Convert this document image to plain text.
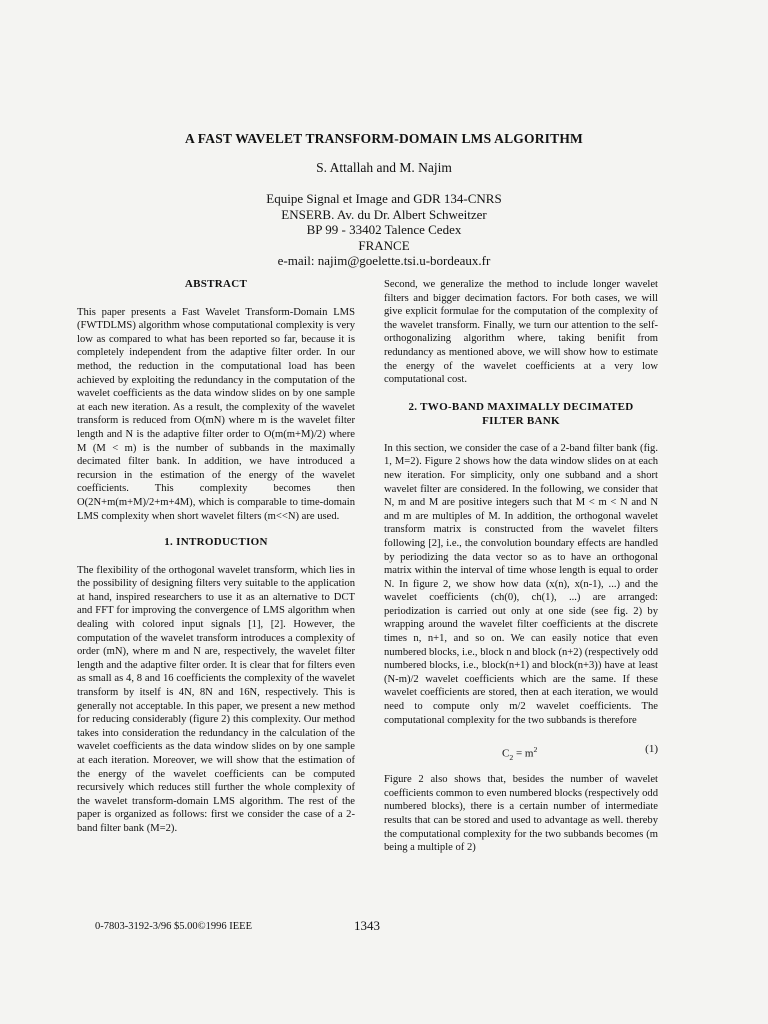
A FAST WAVELET TRANSFORM-DOMAIN LMS ALGORITHM
S. Attallah and M. Najim
Equipe Signal et Image and GDR 134-CNRS
ENSERB. Av. du Dr. Albert Schweitzer
BP 99 - 33402 Talence Cedex
FRANCE
e-mail: najim@goelette.tsi.u-bordeaux.fr
ABSTRACT

This paper presents a Fast Wavelet Transform-Domain LMS (FWTDLMS) algorithm whose computational complexity is very low as compared to what has been reported so far, because it is completely independent from the adaptive filter order. In our method, the reduction in the computational load has been achieved by exploiting the redundancy in the computation of the wavelet coefficients as the data window slides on by one sample at each new iteration. As a result, the complexity of the wavelet transform is reduced from O(mN) where m is the wavelet filter length and N is the adaptive filter order to O(m(m+M)/2) where M (M < m) is the number of subbands in the maximally decimated filter bank. In addition, we have introduced a recursion in the estimation of the energy of the wavelet coefficients. This complexity becomes then O(2N+m(m+M)/2+m+4M), which is comparable to time-domain LMS complexity when short wavelet filters (m<<N) are used.

1. INTRODUCTION

The flexibility of the orthogonal wavelet transform, which lies in the possibility of designing filters very suitable to the application at hand, inspired researchers to use it as an alternative to DCT and FFT for improving the convergence of LMS algorithm when dealing with colored input signals [1], [2]. However, the computation of the wavelet transform introduces a complexity of order (mN), where m and N are, respectively, the wavelet filter length and the adaptive filter order. It is clear that for filters even as small as 4, 8 and 16 coefficients the complexity of the wavelet transform by itself is 4N, 8N and 16N, respectively. This is generally not acceptable. In this paper, we present a new method for reducing considerably (figure 2) this complexity. Our method takes into consideration the redundancy in the calculation of the wavelet coefficients as the data window slides on by one sample at each iteration. Moreover, we will show that the estimation of the energy of the wavelet coefficients can be computed recursively which reduces still further the whole complexity of the wavelet transform-domain LMS algorithm. The rest of the paper is organized as follows: first we consider the case of a 2-band filter bank (M=2).

Second, we generalize the method to include longer wavelet filters and bigger decimation factors. For both cases, we will give explicit formulae for the computation of the complexity of the wavelet transform. Finally, we turn our attention to the self-orthogonalizing algorithm where, taking benifit from redundancy as mentioned above, we will show how to estimate the energy of the wavelet coefficients at a very low computational cost.

2. TWO-BAND MAXIMALLY DECIMATED
FILTER BANK

In this section, we consider the case of a 2-band filter bank (fig. 1, M=2). Figure 2 shows how the data window slides on at each new iteration. For simplicity, only one subband and a short wavelet filter are considered. In the following, we consider that N, m and M are positive integers such that M < m < N and N and m are multiples of M. In addition, the orthogonal wavelet transform matrix is constructed from the wavelet filters following [2], i.e., the convolution boundary effects are handled by periodizing the data vector so as to have an orthogonal matrix within the interval of time whose length is equal to order N. In figure 2, we show how data (x(n), x(n-1), ...) and the wavelet coefficients (ch(0), ch(1), ...) are arranged: periodization is carried out only at one side (see fig. 2) by wrapping around the wavelet filter coefficients at the discrete times n, n+1, and so on. We can easily notice that even numbered blocks, i.e., block n and block (n+2) (respectively odd numbered blocks, i.e., block(n+1) and block(n+3)) have at least (N-m)/2 wavelet coefficients which are the same. If these wavelet coefficients are stored, then at each iteration, we would need to compute only m/2 wavelet coefficients. The computational complexity for the two subbands is therefore

$C_2 = m^2$	(1)

Figure 2 also shows that, besides the number of wavelet coefficients common to even numbered blocks (respectively odd numbered blocks), there is a certain number of intermediate results that can be stored and used to advantage as well. thereby the computational complexity for the two subbands becomes (m being a multiple of 2)

0-7803-3192-3/96 $5.00©1996 IEEE	1343
